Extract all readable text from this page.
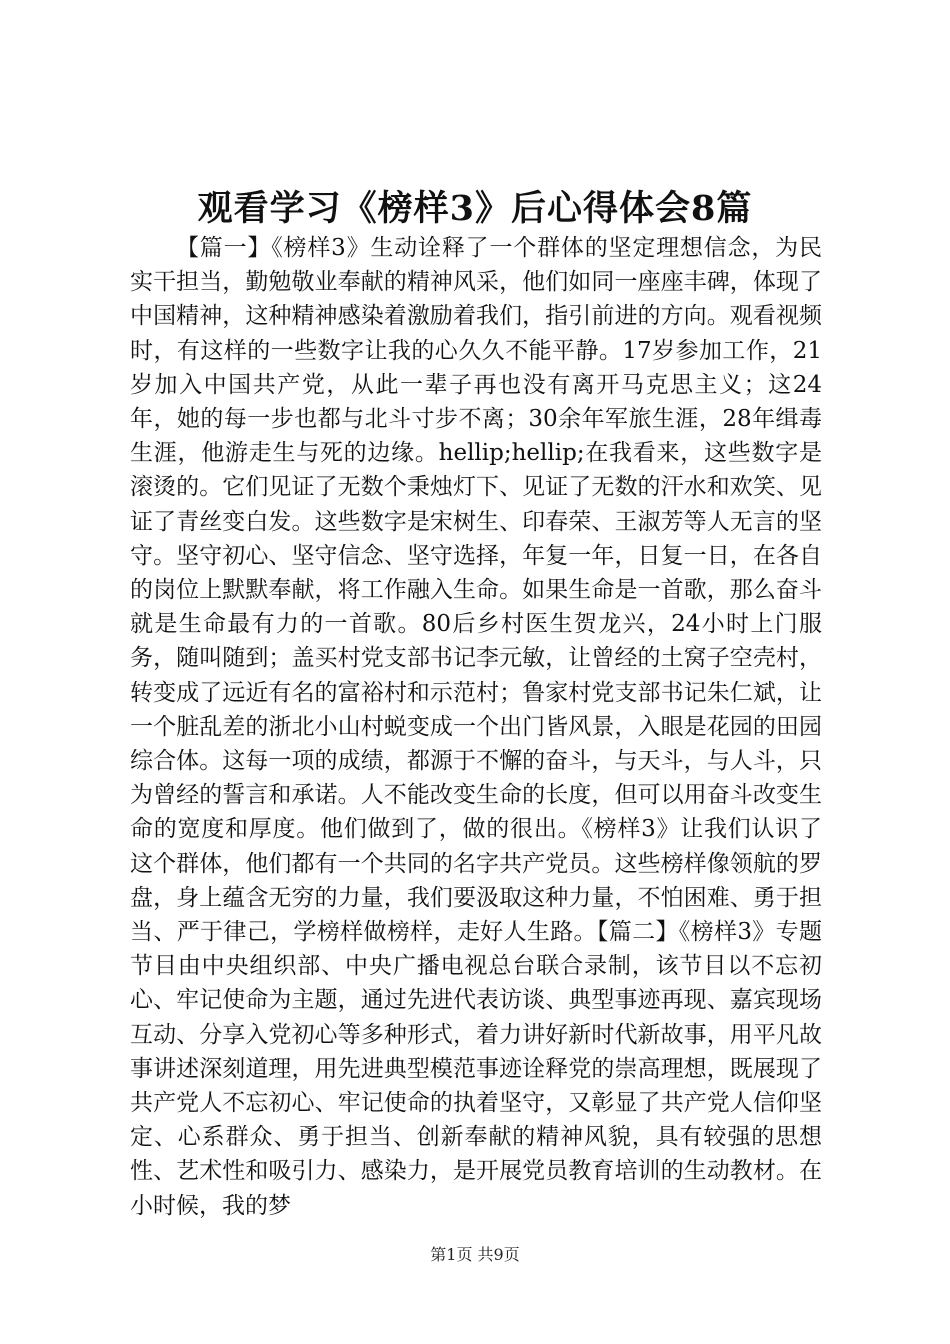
观看学习《榜样3》后心得体会8篇

【篇一】《榜样3》生动诠释了一个群体的坚定理想信念，为民实干担当，勤勉敬业奉献的精神风采，他们如同一座座丰碑，体现了中国精神，这种精神感染着激励着我们，指引前进的方向。观看视频时，有这样的一些数字让我的心久久不能平静。17岁参加工作，21岁加入中国共产党，从此一辈子再也没有离开马克思主义；这24年，她的每一步也都与北斗寸步不离；30余年军旅生涯，28年缉毒生涯，他游走生与死的边缘。hellip;hellip;在我看来，这些数字是滚烫的。它们见证了无数个秉烛灯下、见证了无数的汗水和欢笑、见证了青丝变白发。这些数字是宋树生、印春荣、王淑芳等人无言的坚守。坚守初心、坚守信念、坚守选择，年复一年，日复一日，在各自的岗位上默默奉献，将工作融入生命。如果生命是一首歌，那么奋斗就是生命最有力的一首歌。80后乡村医生贺龙兴，24小时上门服务，随叫随到；盖买村党支部书记李元敏，让曾经的土窝子空壳村，转变成了远近有名的富裕村和示范村；鲁家村党支部书记朱仁斌，让一个脏乱差的浙北小山村蜕变成一个出门皆风景，入眼是花园的田园综合体。这每一项的成绩，都源于不懈的奋斗，与天斗，与人斗，只为曾经的誓言和承诺。人不能改变生命的长度，但可以用奋斗改变生命的宽度和厚度。他们做到了，做的很出。《榜样3》让我们认识了这个群体，他们都有一个共同的名字共产党员。这些榜样像领航的罗盘，身上蕴含无穷的力量，我们要汲取这种力量，不怕困难、勇于担当、严于律己，学榜样做榜样，走好人生路。【篇二】《榜样3》专题节目由中央组织部、中央广播电视总台联合录制，该节目以不忘初心、牢记使命为主题，通过先进代表访谈、典型事迹再现、嘉宾现场互动、分享入党初心等多种形式，着力讲好新时代新故事，用平凡故事讲述深刻道理，用先进典型模范事迹诠释党的崇高理想，既展现了共产党人不忘初心、牢记使命的执着坚守，又彰显了共产党人信仰坚定、心系群众、勇于担当、创新奉献的精神风貌，具有较强的思想性、艺术性和吸引力、感染力，是开展党员教育培训的生动教材。在小时候，我的梦

第1页 共9页
